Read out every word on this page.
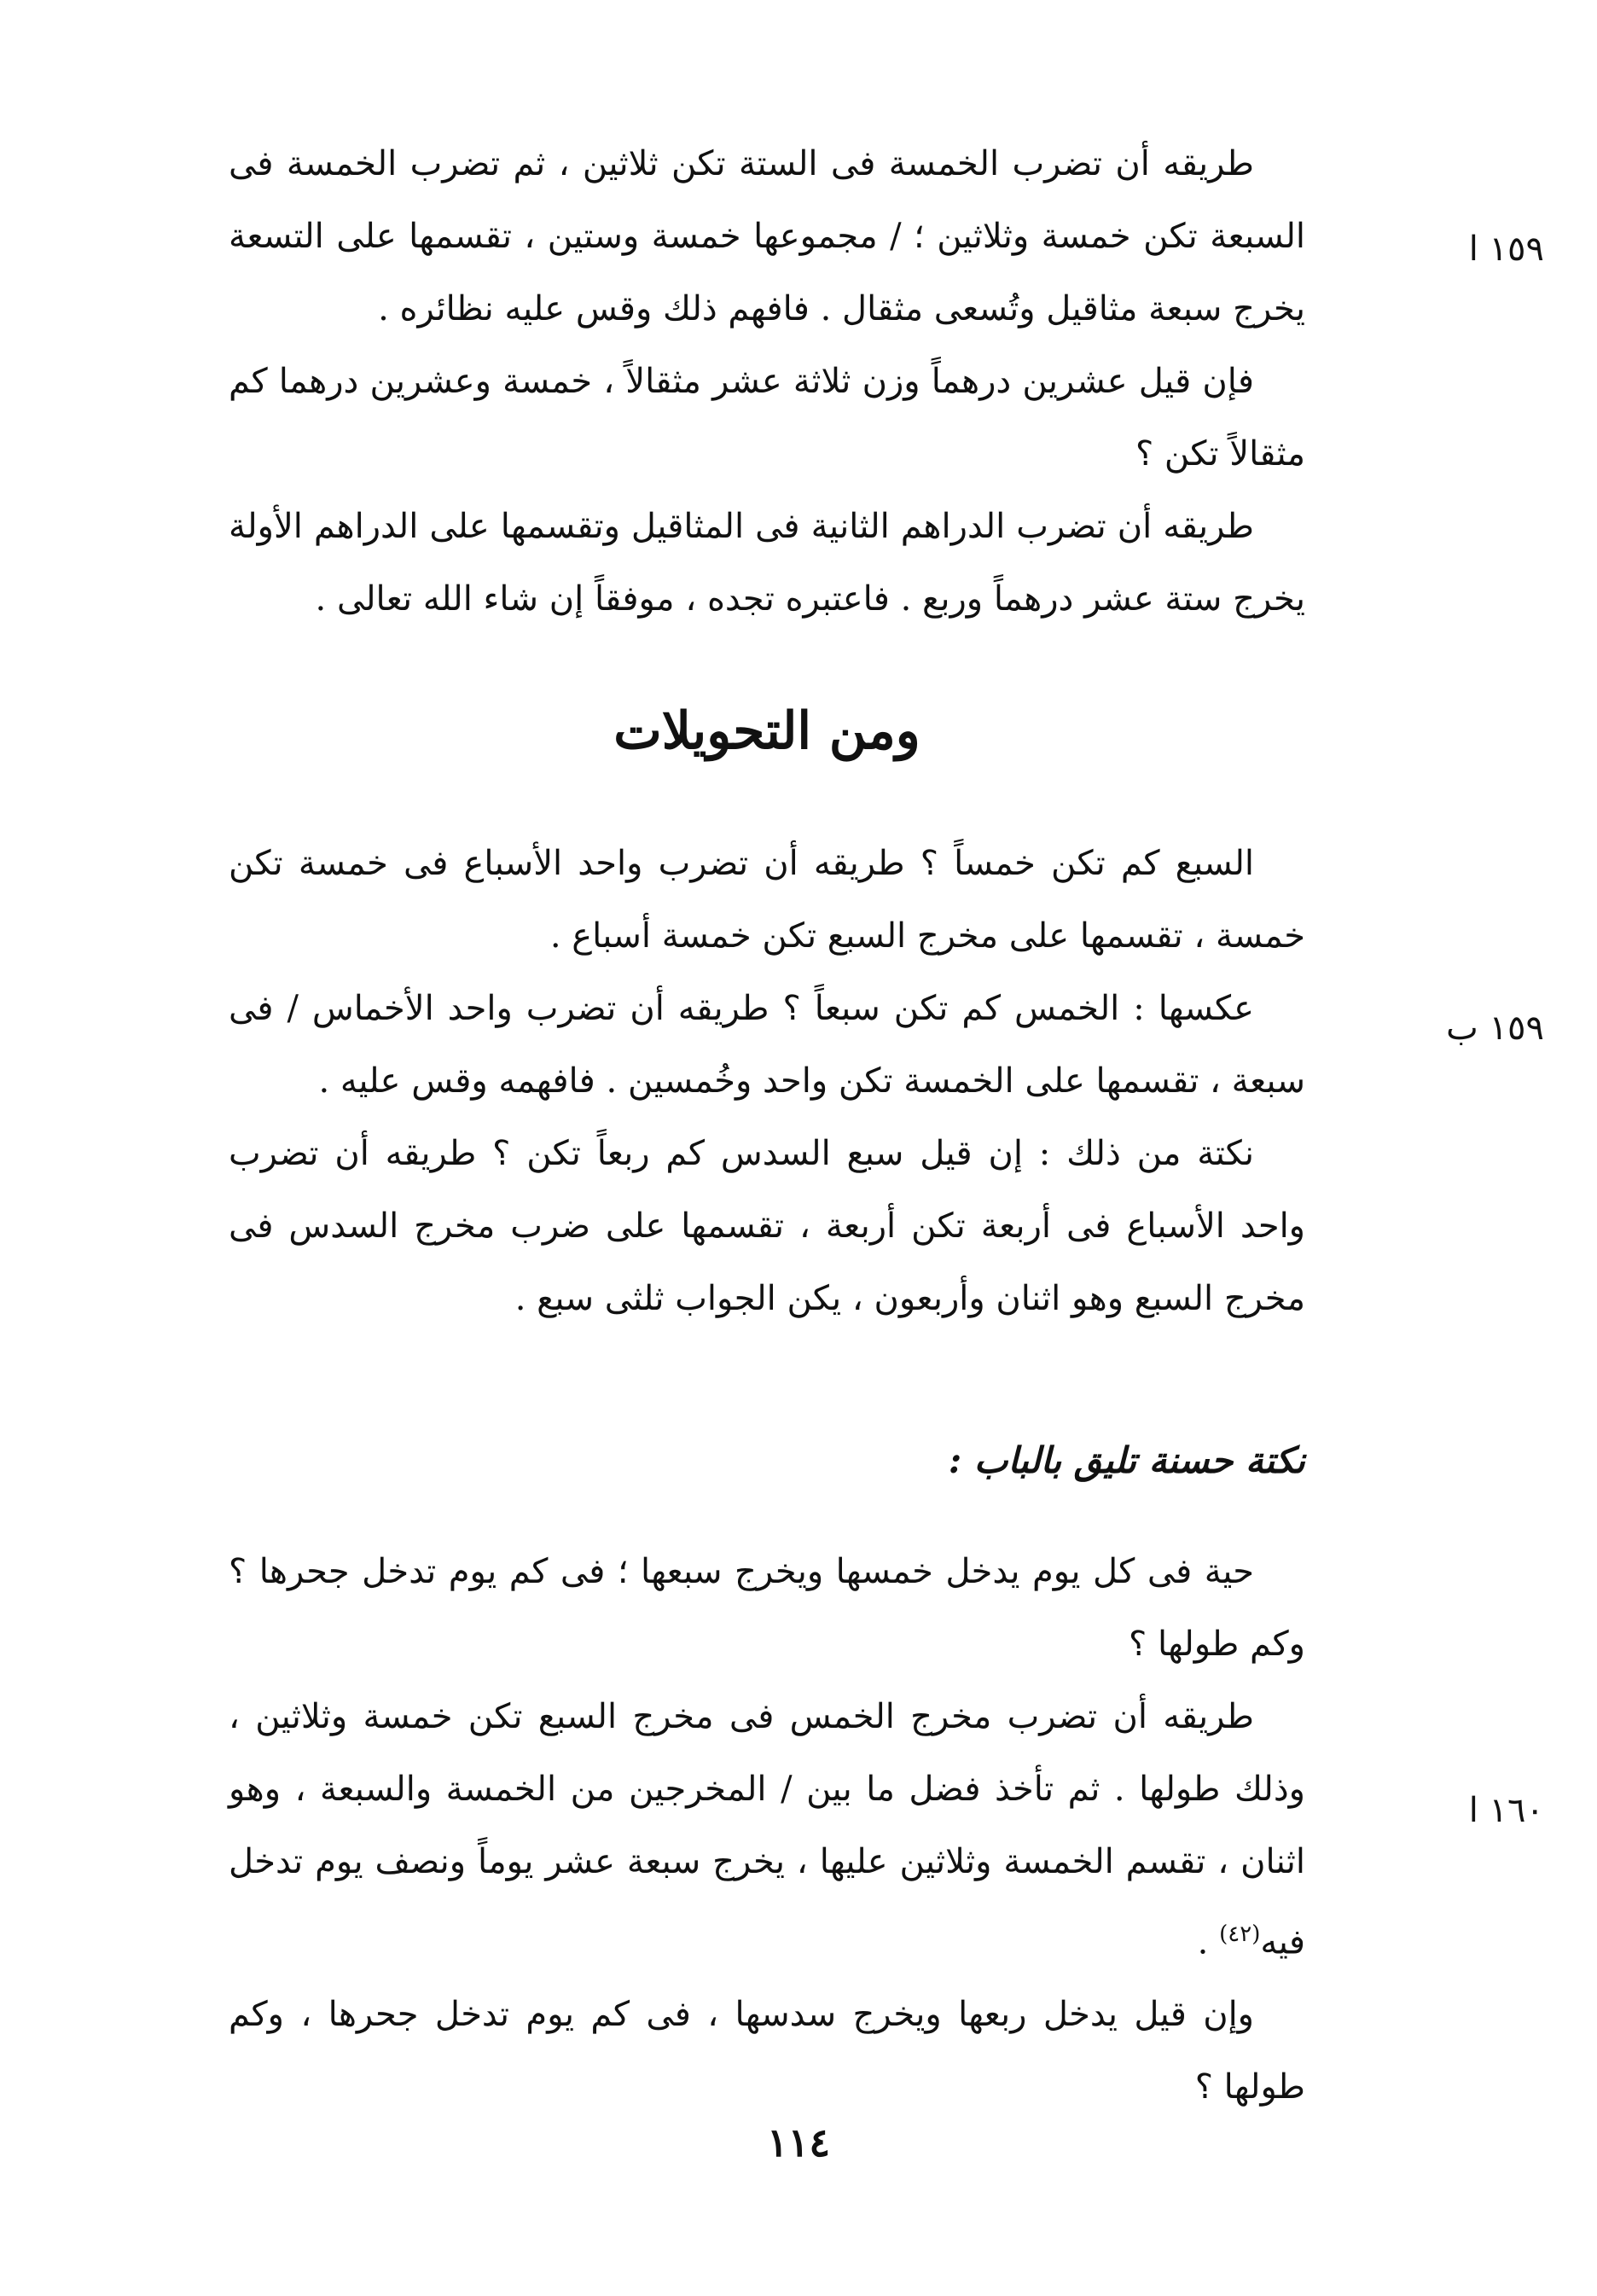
طريقه أن تضرب الخمسة فى الستة تكن ثلاثين ، ثم تضرب الخمسة فى السبعة تكن خمسة وثلاثين ؛ / مجموعها خمسة وستين ، تقسمها على التسعة يخرج سبعة مثاقيل وتُسعى مثقال . فافهم ذلك وقس عليه نظائره .

فإن قيل عشرين درهماً وزن ثلاثة عشر مثقالاً ، خمسة وعشرين درهما كم مثقالاً تكن ؟

طريقه أن تضرب الدراهم الثانية فى المثاقيل وتقسمها على الدراهم الأولة يخرج ستة عشر درهماً وربع . فاعتبره تجده ، موفقاً إن شاء الله تعالى .

١٥٩ ا
ومن التحويلات

السبع كم تكن خمساً ؟ طريقه أن تضرب واحد الأسباع فى خمسة تكن خمسة ، تقسمها على مخرج السبع تكن خمسة أسباع .

عكسها : الخمس كم تكن سبعاً ؟ طريقه أن تضرب واحد الأخماس / فى سبعة ، تقسمها على الخمسة تكن واحد وخُمسين . فافهمه وقس عليه .

نكتة من ذلك : إن قيل سبع السدس كم ربعاً تكن ؟ طريقه أن تضرب واحد الأسباع فى أربعة تكن أربعة ، تقسمها على ضرب مخرج السدس فى مخرج السبع وهو اثنان وأربعون ، يكن الجواب ثلثى سبع .

١٥٩ ب
نكتة حسنة تليق بالباب :

حية فى كل يوم يدخل خمسها ويخرج سبعها ؛ فى كم يوم تدخل جحرها ؟ وكم طولها ؟

طريقه أن تضرب مخرج الخمس فى مخرج السبع تكن خمسة وثلاثين ، وذلك طولها . ثم تأخذ فضل ما بين / المخرجين من الخمسة والسبعة ، وهو اثنان ، تقسم الخمسة وثلاثين عليها ، يخرج سبعة عشر يوماً ونصف يوم تدخل فيه$^{(٤٢)}$ .

وإن قيل يدخل ربعها ويخرج سدسها ، فى كم يوم تدخل جحرها ، وكم طولها ؟

١٦٠ ا
١١٤
